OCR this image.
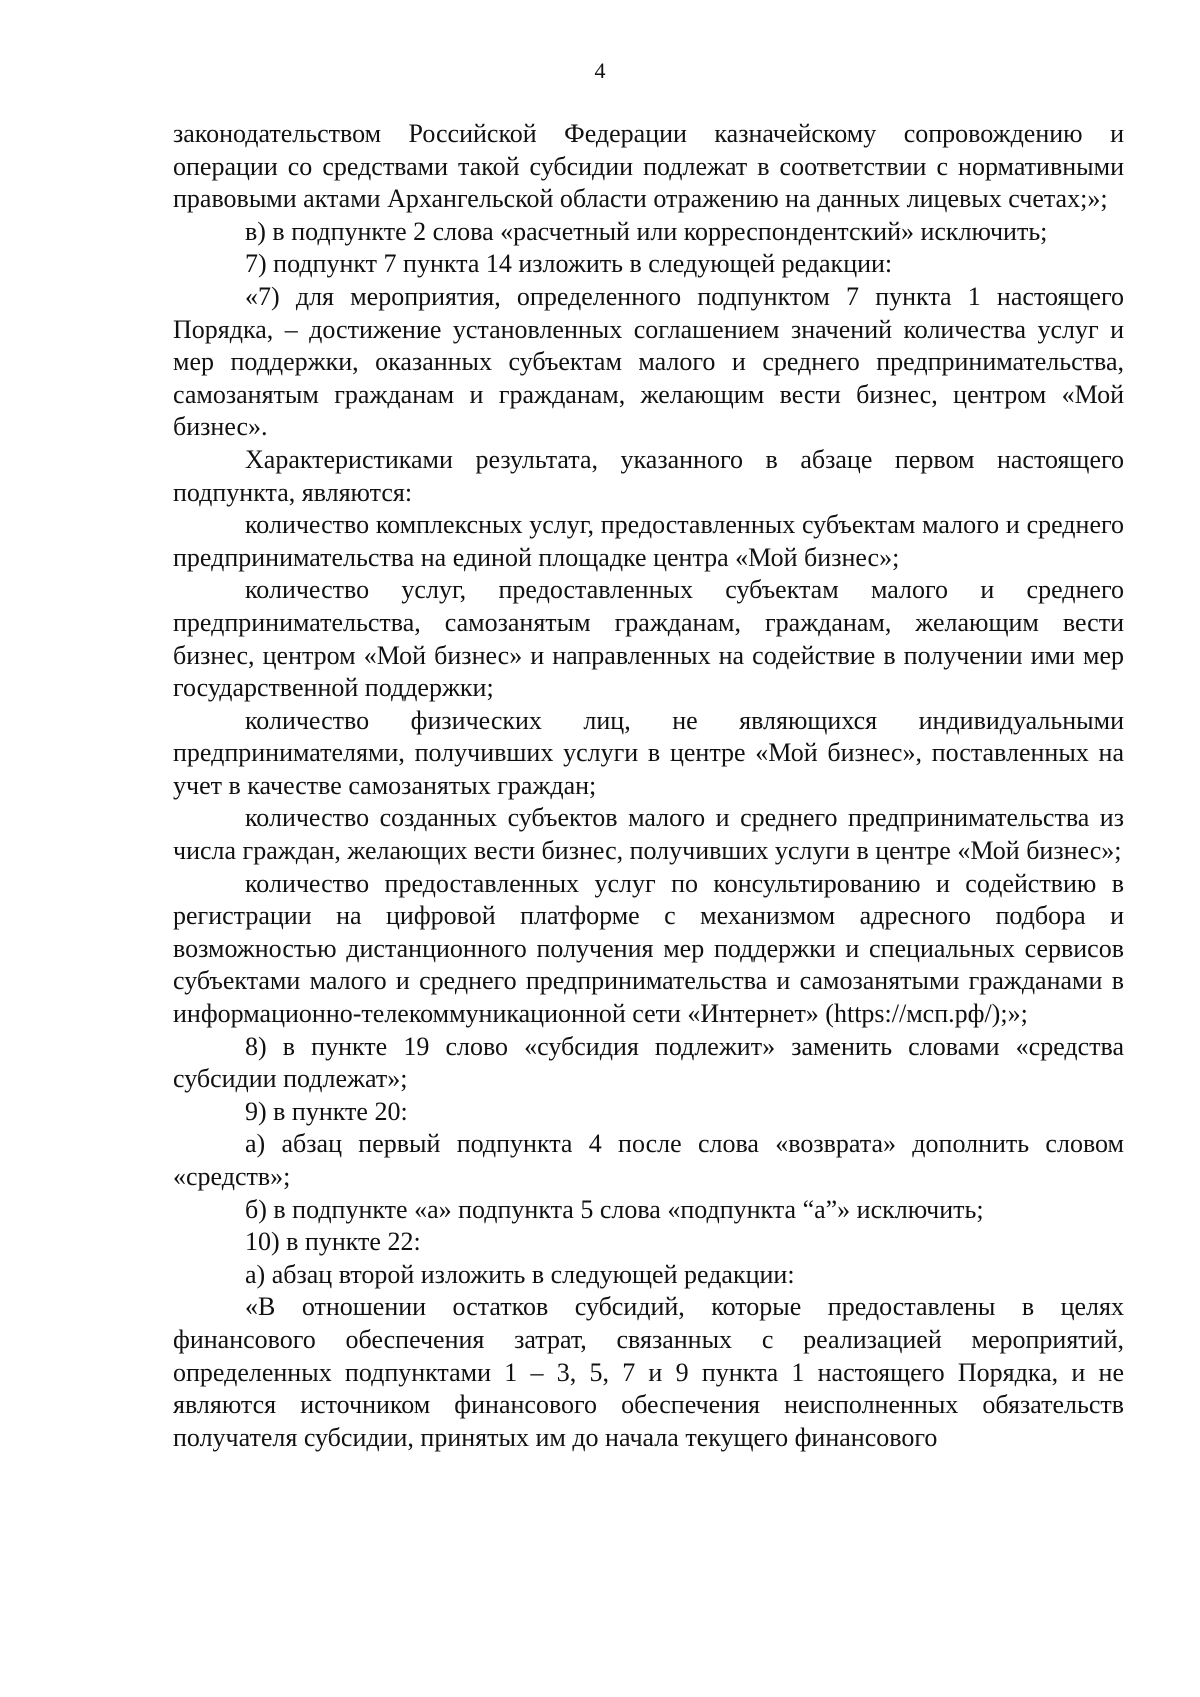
4

законодательством Российской Федерации казначейскому сопровождению и операции со средствами такой субсидии подлежат в соответствии с нормативными правовыми актами Архангельской области отражению на данных лицевых счетах;»;

в) в подпункте 2 слова «расчетный или корреспондентский» исключить;

7) подпункт 7 пункта 14 изложить в следующей редакции:

«7) для мероприятия, определенного подпунктом 7 пункта 1 настоящего Порядка, – достижение установленных соглашением значений количества услуг и мер поддержки, оказанных субъектам малого и среднего предпринимательства, самозанятым гражданам и гражданам, желающим вести бизнес, центром «Мой бизнес».

Характеристиками результата, указанного в абзаце первом настоящего подпункта, являются:

количество комплексных услуг, предоставленных субъектам малого и среднего предпринимательства на единой площадке центра «Мой бизнес»;

количество услуг, предоставленных субъектам малого и среднего предпринимательства, самозанятым гражданам, гражданам, желающим вести бизнес, центром «Мой бизнес» и направленных на содействие в получении ими мер государственной поддержки;

количество физических лиц, не являющихся индивидуальными предпринимателями, получивших услуги в центре «Мой бизнес», поставленных на учет в качестве самозанятых граждан;

количество созданных субъектов малого и среднего предпринимательства из числа граждан, желающих вести бизнес, получивших услуги в центре «Мой бизнес»;

количество предоставленных услуг по консультированию и содействию в регистрации на цифровой платформе с механизмом адресного подбора и возможностью дистанционного получения мер поддержки и специальных сервисов субъектами малого и среднего предпринимательства и самозанятыми гражданами в информационно-телекоммуникационной сети «Интернет» (https://мсп.рф/);»;

8) в пункте 19 слово «субсидия подлежит» заменить словами «средства субсидии подлежат»;

9) в пункте 20:

а) абзац первый подпункта 4 после слова «возврата» дополнить словом «средств»;

б) в подпункте «а» подпункта 5 слова «подпункта “а”» исключить;

10) в пункте 22:

а) абзац второй изложить в следующей редакции:

«В отношении остатков субсидий, которые предоставлены в целях финансового обеспечения затрат, связанных с реализацией мероприятий, определенных подпунктами 1 – 3, 5, 7 и 9 пункта 1 настоящего Порядка, и не являются источником финансового обеспечения неисполненных обязательств получателя субсидии, принятых им до начала текущего финансового
